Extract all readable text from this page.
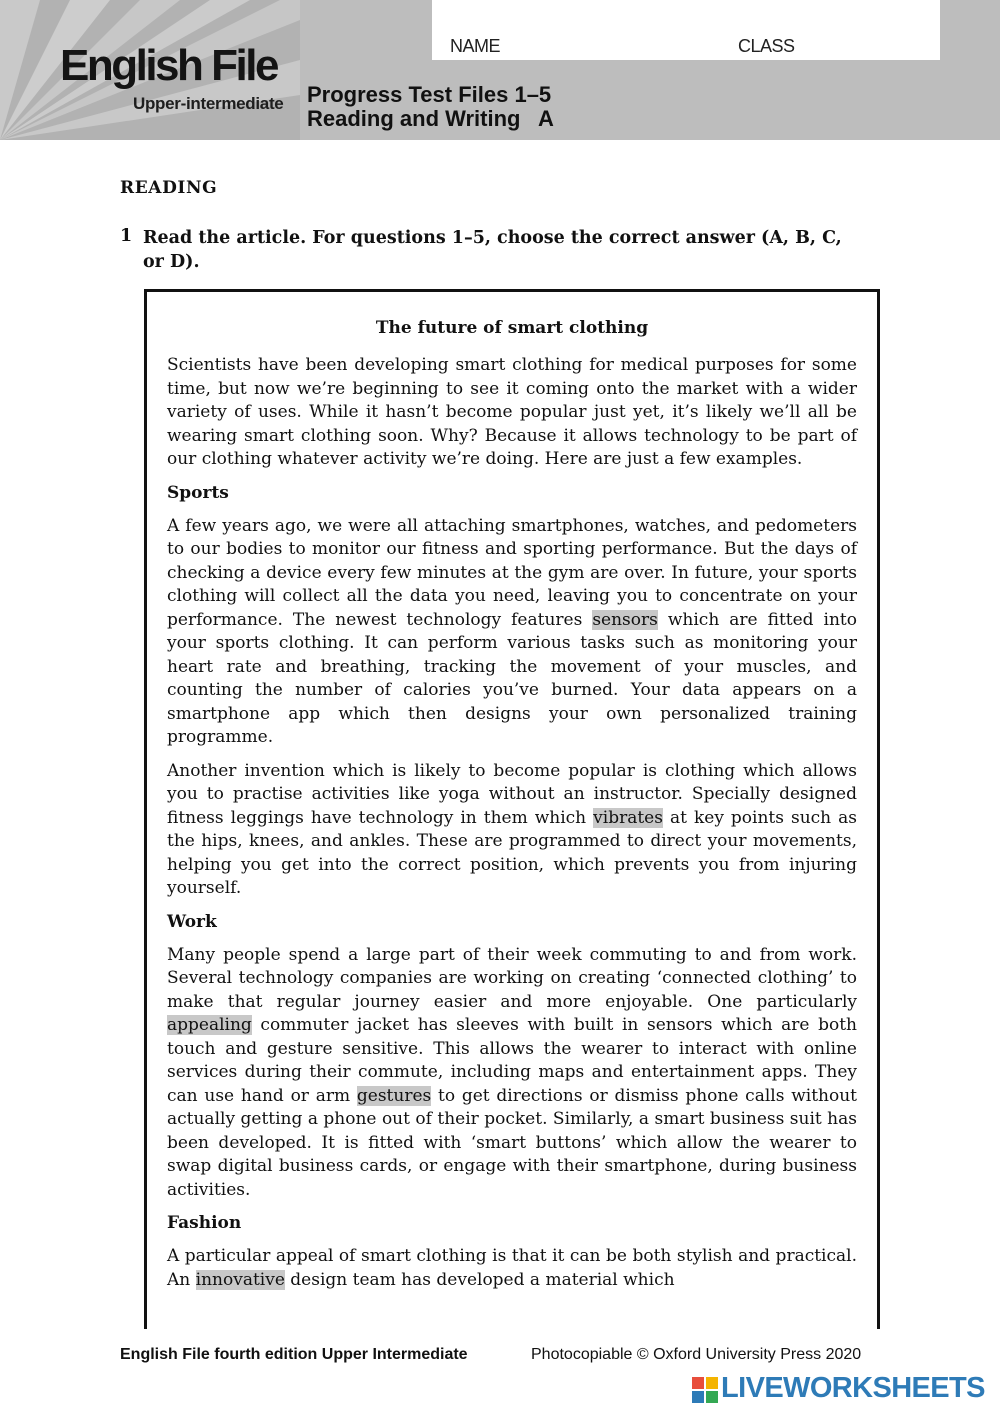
English File
Upper-intermediate
NAME	CLASS
Progress Test Files 1–5
Reading and Writing   A
READING
1 Read the article. For questions 1–5, choose the correct answer (A, B, C, or D).
The future of smart clothing

Scientists have been developing smart clothing for medical purposes for some time, but now we’re beginning to see it coming onto the market with a wider variety of uses. While it hasn’t become popular just yet, it’s likely we’ll all be wearing smart clothing soon. Why? Because it allows technology to be part of our clothing whatever activity we’re doing. Here are just a few examples.

Sports

A few years ago, we were all attaching smartphones, watches, and pedometers to our bodies to monitor our fitness and sporting performance. But the days of checking a device every few minutes at the gym are over. In future, your sports clothing will collect all the data you need, leaving you to concentrate on your performance. The newest technology features sensors which are fitted into your sports clothing. It can perform various tasks such as monitoring your heart rate and breathing, tracking the movement of your muscles, and counting the number of calories you’ve burned. Your data appears on a smartphone app which then designs your own personalized training programme.

Another invention which is likely to become popular is clothing which allows you to practise activities like yoga without an instructor. Specially designed fitness leggings have technology in them which vibrates at key points such as the hips, knees, and ankles. These are programmed to direct your movements, helping you get into the correct position, which prevents you from injuring yourself.

Work

Many people spend a large part of their week commuting to and from work. Several technology companies are working on creating ‘connected clothing’ to make that regular journey easier and more enjoyable. One particularly appealing commuter jacket has sleeves with built in sensors which are both touch and gesture sensitive. This allows the wearer to interact with online services during their commute, including maps and entertainment apps. They can use hand or arm gestures to get directions or dismiss phone calls without actually getting a phone out of their pocket. Similarly, a smart business suit has been developed. It is fitted with ‘smart buttons’ which allow the wearer to swap digital business cards, or engage with their smartphone, during business activities.

Fashion

A particular appeal of smart clothing is that it can be both stylish and practical. An innovative design team has developed a material which

English File fourth edition Upper Intermediate	Photocopiable © Oxford University Press 2020
LIVEWORKSHEETS
